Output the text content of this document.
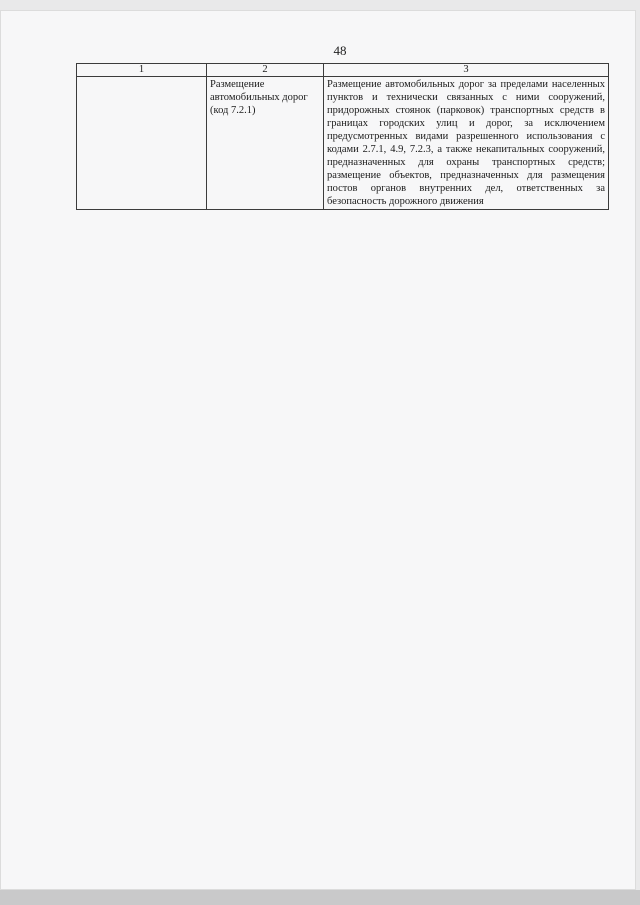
48
1	2	3
	Размещение автомобильных дорог (код 7.2.1)	Размещение автомобильных дорог за пределами населенных пунктов и технически связанных с ними сооружений, придорожных стоянок (парковок) транспортных средств в границах городских улиц и дорог, за исключением предусмотренных видами разрешенного использования с кодами 2.7.1, 4.9, 7.2.3, а также некапитальных сооружений, предназначенных для охраны транспортных средств; размещение объектов, предназначенных для размещения постов органов внутренних дел, ответственных за безопасность дорожного движения
